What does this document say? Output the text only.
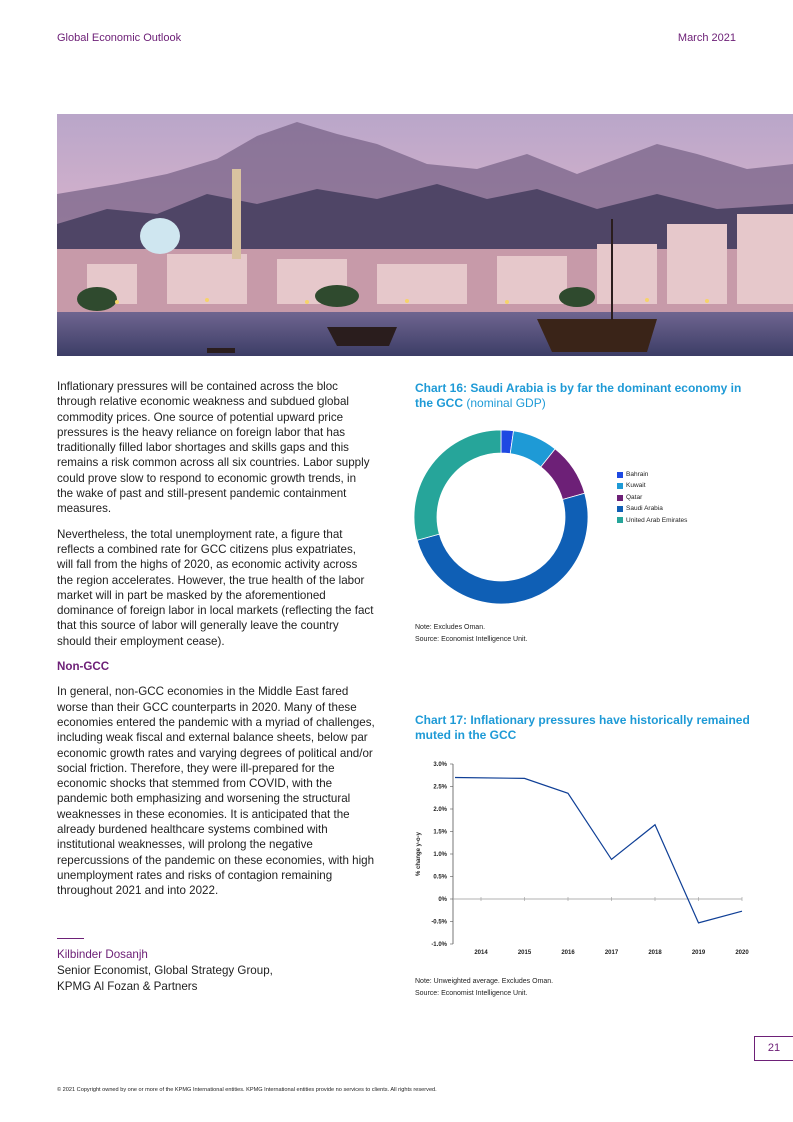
Global Economic Outlook	March 2021

Inflationary pressures will be contained across the bloc through relative economic weakness and subdued global commodity prices. One source of potential upward price pressures is the heavy reliance on foreign labor that has traditionally filled labor shortages and skills gaps and this remains a risk common across all six countries. Labor supply could prove slow to respond to economic growth trends, in the wake of past and still-present pandemic containment measures.

Nevertheless, the total unemployment rate, a figure that reflects a combined rate for GCC citizens plus expatriates, will fall from the highs of 2020, as economic activity across the region accelerates. However, the true health of the labor market will in part be masked by the aforementioned dominance of foreign labor in local markets (reflecting the fact that this source of labor will generally leave the country should their employment cease).

Non-GCC

In general, non-GCC economies in the Middle East fared worse than their GCC counterparts in 2020. Many of these economies entered the pandemic with a myriad of challenges, including weak fiscal and external balance sheets, below par economic growth rates and varying degrees of political and/or social friction. Therefore, they were ill-prepared for the economic shocks that stemmed from COVID, with the pandemic both emphasizing and worsening the structural weaknesses in these economies. It is anticipated that the already burdened healthcare systems combined with institutional weaknesses, will prolong the negative repercussions of the pandemic on these economies, with high unemployment rates and risks of contagion remaining throughout 2021 and into 2022.

Kilbinder Dosanjh
Senior Economist, Global Strategy Group,
KPMG Al Fozan & Partners
Chart 16: Saudi Arabia is by far the dominant economy in the GCC (nominal GDP)
Bahrain
Kuwait
Qatar
Saudi Arabia
United Arab Emirates
Note: Excludes Oman.
Source: Economist Intelligence Unit.
Chart 17: Inflationary pressures have historically remained muted in the GCC
3.0%
2.5%
2.0%
1.5%
1.0%
0.5%
0%
-0.5%
-1.0%
2014	2015	2016	2017	2018	2019	2020
% change y-o-y
Note: Unweighted average. Excludes Oman.
Source: Economist Intelligence Unit.
21
© 2021 Copyright owned by one or more of the KPMG International entities. KPMG International entities provide no services to clients. All rights reserved.
